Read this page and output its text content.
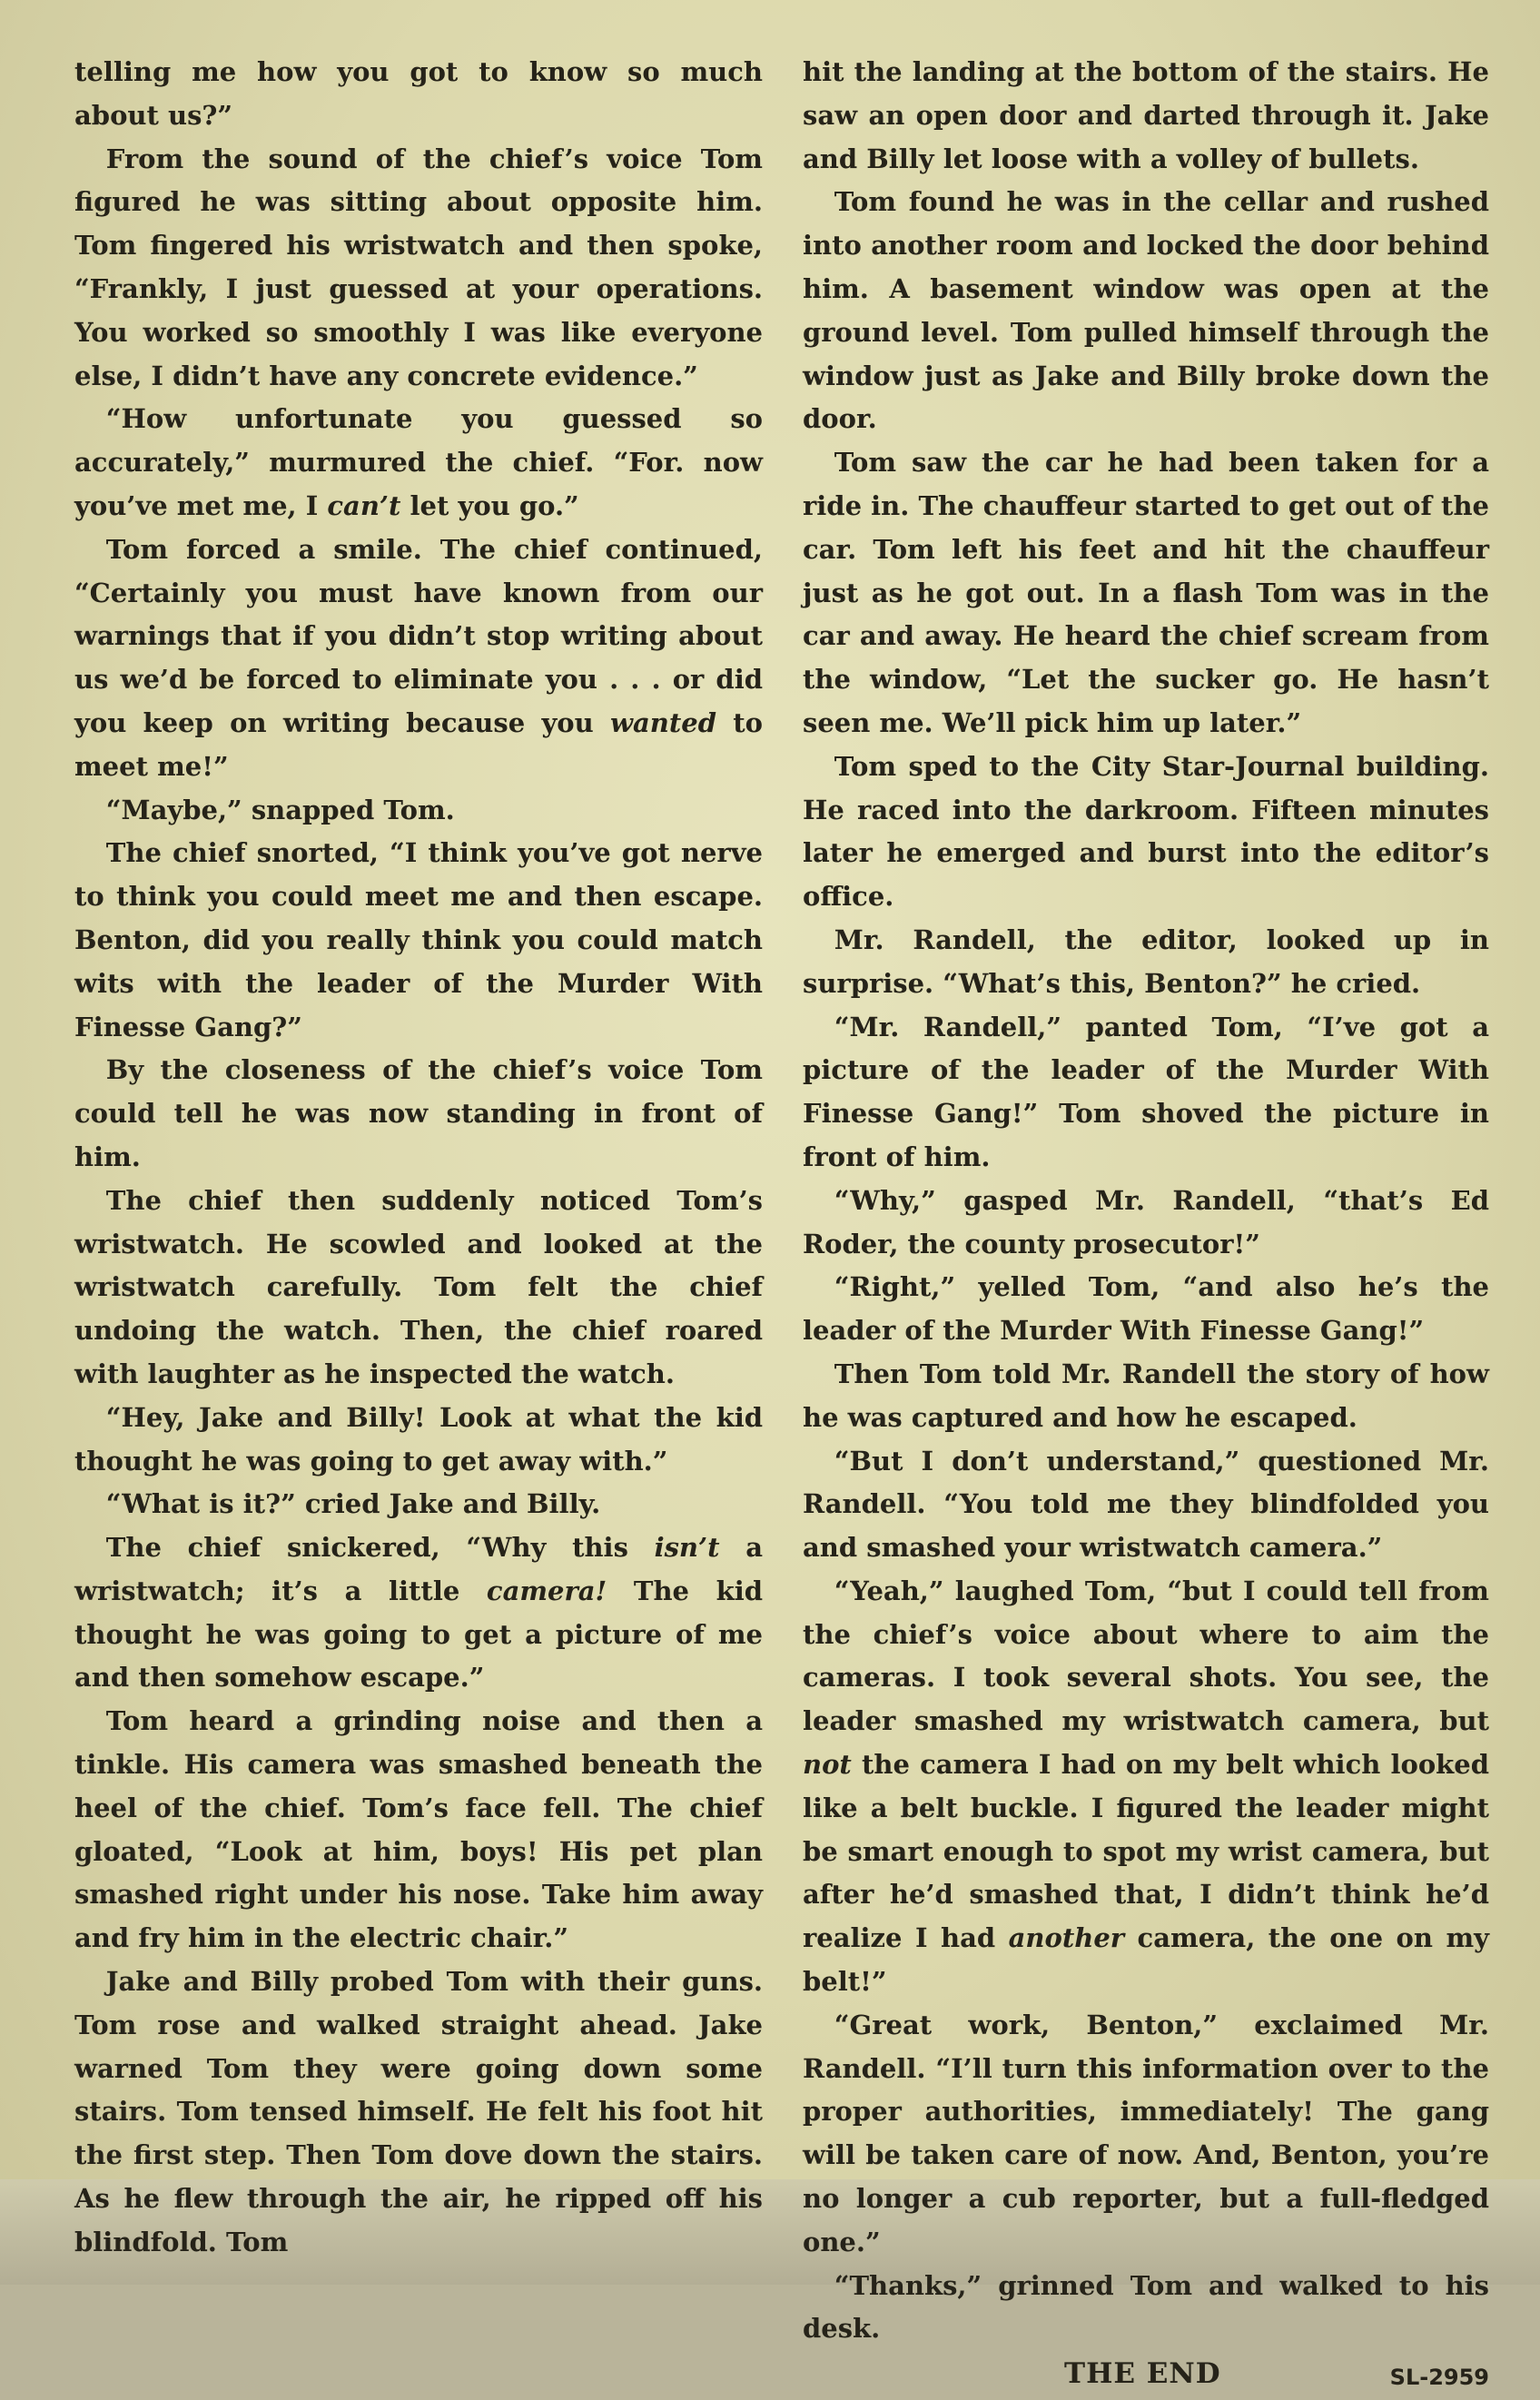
telling me how you got to know so much about us?”

From the sound of the chief’s voice Tom figured he was sitting about opposite him. Tom fingered his wristwatch and then spoke, “Frankly, I just guessed at your operations. You worked so smoothly I was like everyone else, I didn’t have any concrete evidence.”

“How unfortunate you guessed so accurately,” murmured the chief. “For. now you’ve met me, I can’t let you go.”

Tom forced a smile. The chief continued, “Certainly you must have known from our warnings that if you didn’t stop writing about us we’d be forced to eliminate you . . . or did you keep on writing because you wanted to meet me!”

“Maybe,” snapped Tom.

The chief snorted, “I think you’ve got nerve to think you could meet me and then escape. Benton, did you really think you could match wits with the leader of the Murder With Finesse Gang?”

By the closeness of the chief’s voice Tom could tell he was now standing in front of him.

The chief then suddenly noticed Tom’s wristwatch. He scowled and looked at the wristwatch carefully. Tom felt the chief undoing the watch. Then, the chief roared with laughter as he inspected the watch.

“Hey, Jake and Billy! Look at what the kid thought he was going to get away with.”

“What is it?” cried Jake and Billy.

The chief snickered, “Why this isn’t a wristwatch; it’s a little camera! The kid thought he was going to get a picture of me and then somehow escape.”

Tom heard a grinding noise and then a tinkle. His camera was smashed beneath the heel of the chief. Tom’s face fell. The chief gloated, “Look at him, boys! His pet plan smashed right under his nose. Take him away and fry him in the electric chair.”

Jake and Billy probed Tom with their guns. Tom rose and walked straight ahead. Jake warned Tom they were going down some stairs. Tom tensed himself. He felt his foot hit the first step. Then Tom dove down the stairs. As he flew through the air, he ripped off his blindfold. Tom

hit the landing at the bottom of the stairs. He saw an open door and darted through it. Jake and Billy let loose with a volley of bullets.

Tom found he was in the cellar and rushed into another room and locked the door behind him. A basement window was open at the ground level. Tom pulled himself through the window just as Jake and Billy broke down the door.

Tom saw the car he had been taken for a ride in. The chauffeur started to get out of the car. Tom left his feet and hit the chauffeur just as he got out. In a flash Tom was in the car and away. He heard the chief scream from the window, “Let the sucker go. He hasn’t seen me. We’ll pick him up later.”

Tom sped to the City Star-Journal building. He raced into the darkroom. Fifteen minutes later he emerged and burst into the editor’s office.

Mr. Randell, the editor, looked up in surprise. “What’s this, Benton?” he cried.

“Mr. Randell,” panted Tom, “I’ve got a picture of the leader of the Murder With Finesse Gang!” Tom shoved the picture in front of him.

“Why,” gasped Mr. Randell, “that’s Ed Roder, the county prosecutor!”

“Right,” yelled Tom, “and also he’s the leader of the Murder With Finesse Gang!”

Then Tom told Mr. Randell the story of how he was captured and how he escaped.

“But I don’t understand,” questioned Mr. Randell. “You told me they blindfolded you and smashed your wristwatch camera.”

“Yeah,” laughed Tom, “but I could tell from the chief’s voice about where to aim the cameras. I took several shots. You see, the leader smashed my wristwatch camera, but not the camera I had on my belt which looked like a belt buckle. I figured the leader might be smart enough to spot my wrist camera, but after he’d smashed that, I didn’t think he’d realize I had another camera, the one on my belt!”

“Great work, Benton,” exclaimed Mr. Randell. “I’ll turn this information over to the proper authorities, immediately! The gang will be taken care of now. And, Benton, you’re no longer a cub reporter, but a full-fledged one.”

“Thanks,” grinned Tom and walked to his desk.

THE END	SL-2959
